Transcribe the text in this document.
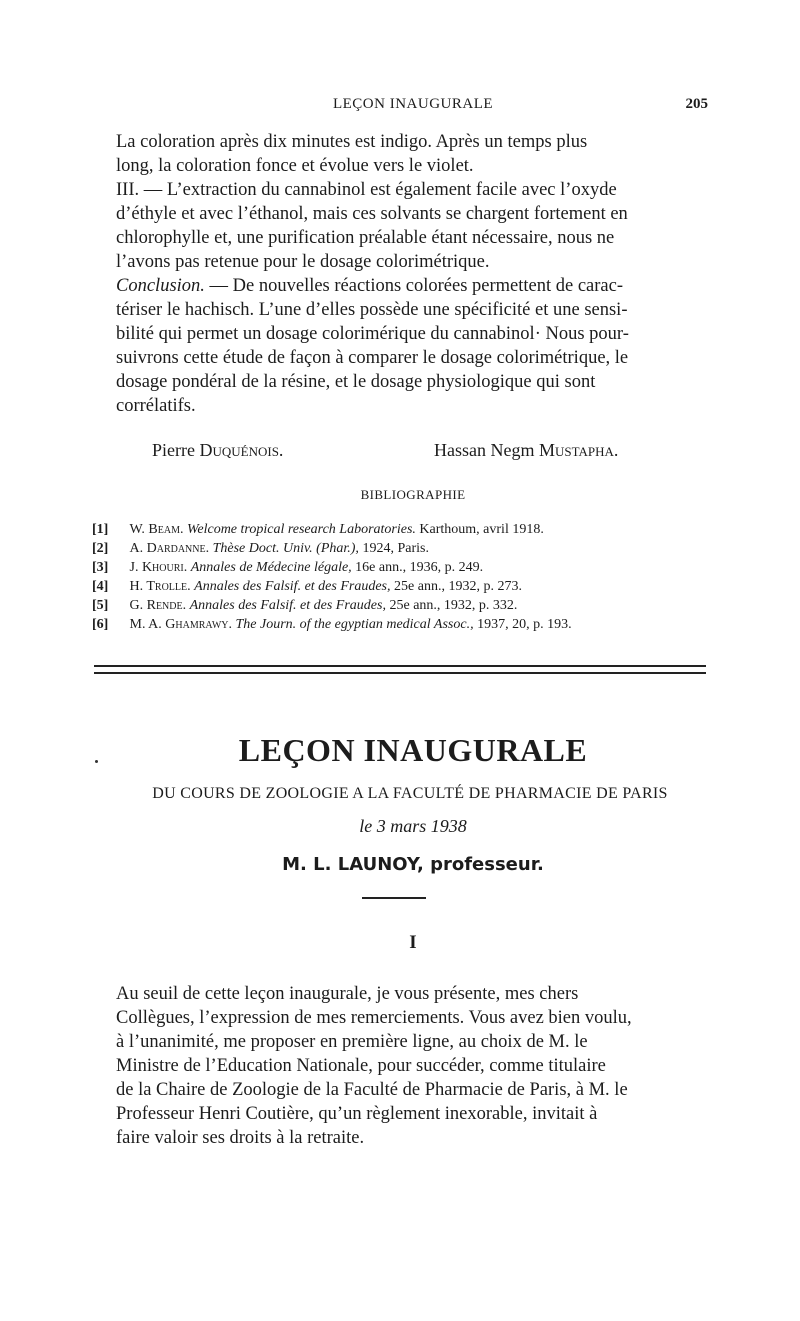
LEÇON INAUGURALE	205
La coloration après dix minutes est indigo. Après un temps plus
long, la coloration fonce et évolue vers le violet.
III. — L’extraction du cannabinol est également facile avec l’oxyde
d’éthyle et avec l’éthanol, mais ces solvants se chargent fortement en
chlorophylle et, une purification préalable étant nécessaire, nous ne
l’avons pas retenue pour le dosage colorimétrique.
Conclusion. — De nouvelles réactions colorées permettent de carac-
tériser le hachisch. L’une d’elles possède une spécificité et une sensi-
bilité qui permet un dosage colorimérique du cannabinol· Nous pour-
suivrons cette étude de façon à comparer le dosage colorimétrique, le
dosage pondéral de la résine, et le dosage physiologique qui sont
corrélatifs.
Pierre Duquénois.	Hassan Negm Mustapha.
BIBLIOGRAPHIE
[1] W. Beam. Welcome tropical research Laboratories. Karthoum, avril 1918.
[2] A. Dardanne. Thèse Doct. Univ. (Phar.), 1924, Paris.
[3] J. Khouri. Annales de Médecine légale, 16e ann., 1936, p. 249.
[4] H. Trolle. Annales des Falsif. et des Fraudes, 25e ann., 1932, p. 273.
[5] G. Rende. Annales des Falsif. et des Fraudes, 25e ann., 1932, p. 332.
[6] M. A. Ghamrawy. The Journ. of the egyptian medical Assoc., 1937, 20, p. 193.
LEÇON INAUGURALE
DU COURS DE ZOOLOGIE A LA FACULTÉ DE PHARMACIE DE PARIS
le 3 mars 1938
M. L. LAUNOY, professeur.
I
Au seuil de cette leçon inaugurale, je vous présente, mes chers
Collègues, l’expression de mes remerciements. Vous avez bien voulu,
à l’unanimité, me proposer en première ligne, au choix de M. le
Ministre de l’Education Nationale, pour succéder, comme titulaire
de la Chaire de Zoologie de la Faculté de Pharmacie de Paris, à M. le
Professeur Henri Coutière, qu’un règlement inexorable, invitait à
faire valoir ses droits à la retraite.
